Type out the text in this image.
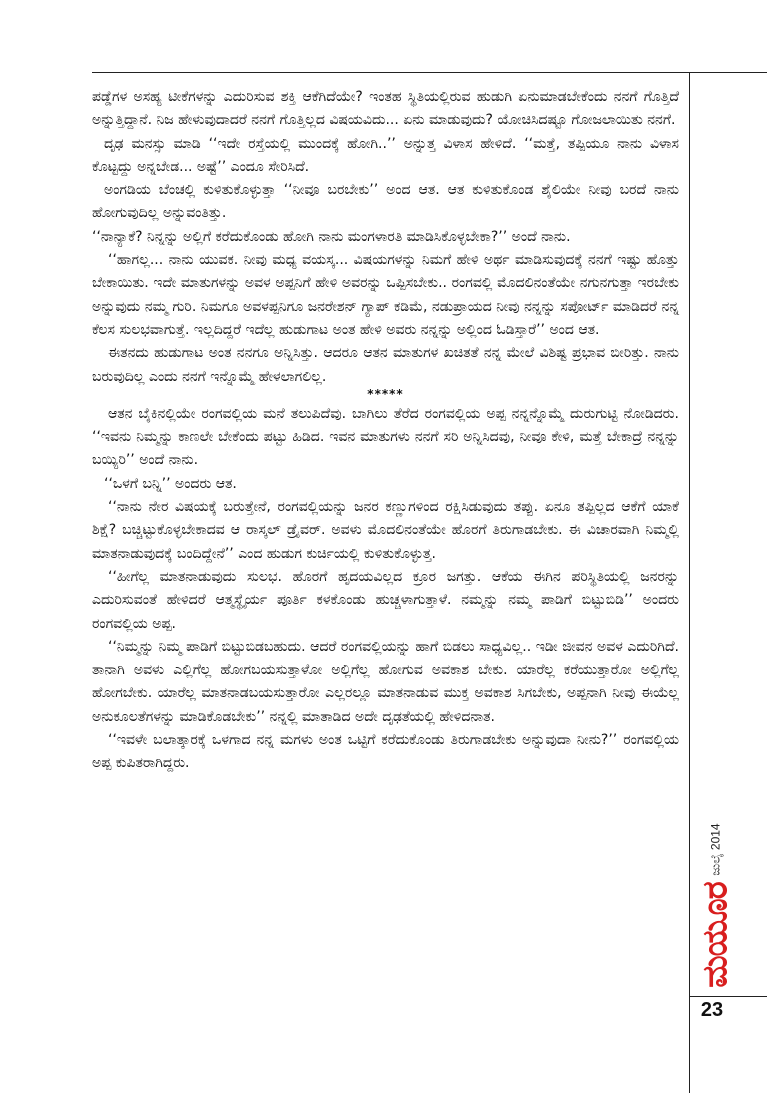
ಪಡ್ಡೆಗಳ ಅಸಹ್ಯ ಟೀಕೆಗಳನ್ನು ಎದುರಿಸುವ ಶಕ್ತಿ ಆಕೆಗಿದೆಯೇ? ಇಂತಹ ಸ್ಥಿತಿಯಲ್ಲಿರುವ ಹುಡುಗಿ ಏನುಮಾಡಬೇಕೆಂದು ನನಗೆ ಗೊತ್ತಿದೆ ಅನ್ನುತ್ತಿದ್ದಾನೆ. ನಿಜ ಹೇಳುವುದಾದರೆ ನನಗೆ ಗೊತ್ತಿಲ್ಲದ ವಿಷಯವಿದು... ಏನು ಮಾಡುವುದು? ಯೋಚಿಸಿದಷ್ಟೂ ಗೋಜಲಾಯಿತು ನನಗೆ.

ದೃಢ ಮನಸ್ಸು ಮಾಡಿ ‘‘ಇದೇ ರಸ್ತೆಯಲ್ಲಿ ಮುಂದಕ್ಕೆ ಹೋಗಿ..’’ ಅನ್ನುತ್ತ ವಿಳಾಸ ಹೇಳಿದೆ. ‘‘ಮತ್ತೆ, ತಪ್ಪಿಯೂ ನಾನು ವಿಳಾಸ ಕೊಟ್ಟದ್ದು ಅನ್ನಬೇಡ... ಅಷ್ಟೆ’’ ಎಂದೂ ಸೇರಿಸಿದೆ.

ಅಂಗಡಿಯ ಬೆಂಚಲ್ಲಿ ಕುಳಿತುಕೊಳ್ಳುತ್ತಾ ‘‘ನೀವೂ ಬರಬೇಕು’’ ಅಂದ ಆತ. ಆತ ಕುಳಿತುಕೊಂಡ ಶೈಲಿಯೇ ನೀವು ಬರದೆ ನಾನು ಹೋಗುವುದಿಲ್ಲ ಅನ್ನುವಂತಿತ್ತು.

‘‘ನಾನ್ಯಾಕೆ? ನಿನ್ನನ್ನು ಅಲ್ಲಿಗೆ ಕರೆದುಕೊಂಡು ಹೋಗಿ ನಾನು ಮಂಗಳಾರತಿ ಮಾಡಿಸಿಕೊಳ್ಳಬೇಕಾ?’’ ಅಂದೆ ನಾನು.

‘‘ಹಾಗಲ್ಲ... ನಾನು ಯುವಕ. ನೀವು ಮಧ್ಯ ವಯಸ್ಕ... ವಿಷಯಗಳನ್ನು ನಿಮಗೆ ಹೇಳಿ ಅರ್ಥ ಮಾಡಿಸುವುದಕ್ಕೆ ನನಗೆ ಇಷ್ಟು ಹೊತ್ತು ಬೇಕಾಯಿತು. ಇದೇ ಮಾತುಗಳನ್ನು ಅವಳ ಅಪ್ಪನಿಗೆ ಹೇಳಿ ಅವರನ್ನು ಒಪ್ಪಿಸಬೇಕು.. ರಂಗವಲ್ಲಿ ಮೊದಲಿನಂತೆಯೇ ನಗುನಗುತ್ತಾ ಇರಬೇಕು ಅನ್ನುವುದು ನಮ್ಮ ಗುರಿ. ನಿಮಗೂ ಅವಳಪ್ಪನಿಗೂ ಜನರೇಶನ್ ಗ್ಯಾಪ್ ಕಡಿಮೆ, ನಡುಪ್ರಾಯದ ನೀವು ನನ್ನನ್ನು ಸಪೋರ್ಟ್ ಮಾಡಿದರೆ ನನ್ನ ಕೆಲಸ ಸುಲಭವಾಗುತ್ತೆ. ಇಲ್ಲದಿದ್ದರೆ ಇದೆಲ್ಲ ಹುಡುಗಾಟ ಅಂತ ಹೇಳಿ ಅವರು ನನ್ನನ್ನು ಅಲ್ಲಿಂದ ಓಡಿಸ್ತಾರೆ’’ ಅಂದ ಆತ.

ಈತನದು ಹುಡುಗಾಟ ಅಂತ ನನಗೂ ಅನ್ನಿಸಿತ್ತು. ಆದರೂ ಆತನ ಮಾತುಗಳ ಖಚಿತತೆ ನನ್ನ ಮೇಲೆ ವಿಶಿಷ್ಟ ಪ್ರಭಾವ ಬೀರಿತ್ತು. ನಾನು ಬರುವುದಿಲ್ಲ ಎಂದು ನನಗೆ ಇನ್ನೊಮ್ಮೆ ಹೇಳಲಾಗಲಿಲ್ಲ.

*****

ಆತನ ಬೈಕಿನಲ್ಲಿಯೇ ರಂಗವಲ್ಲಿಯ ಮನೆ ತಲುಪಿದೆವು. ಬಾಗಿಲು ತೆರೆದ ರಂಗವಲ್ಲಿಯ ಅಪ್ಪ ನನ್ನನ್ನೊಮ್ಮೆ ದುರುಗುಟ್ಟಿ ನೋಡಿದರು. ‘‘ಇವನು ನಿಮ್ಮನ್ನು ಕಾಣಲೇ ಬೇಕೆಂದು ಪಟ್ಟು ಹಿಡಿದ. ಇವನ ಮಾತುಗಳು ನನಗೆ ಸರಿ ಅನ್ನಿಸಿದವು, ನೀವೂ ಕೇಳಿ, ಮತ್ತೆ ಬೇಕಾದ್ರೆ ನನ್ನನ್ನು ಬಯ್ಯಿರಿ’’ ಅಂದೆ ನಾನು.

‘‘ಒಳಗೆ ಬನ್ನಿ’’ ಅಂದರು ಆತ.

‘‘ನಾನು ನೇರ ವಿಷಯಕ್ಕೆ ಬರುತ್ತೇನೆ, ರಂಗವಲ್ಲಿಯನ್ನು ಜನರ ಕಣ್ಣುಗಳಿಂದ ರಕ್ಷಿಸಿಡುವುದು ತಪ್ಪು. ಏನೂ ತಪ್ಪಿಲ್ಲದ ಆಕೆಗೆ ಯಾಕೆ ಶಿಕ್ಷೆ? ಬಚ್ಚಿಟ್ಟುಕೊಳ್ಳಬೇಕಾದವ ಆ ರಾಸ್ಕಲ್ ಡ್ರೈವರ್. ಅವಳು ಮೊದಲಿನಂತೆಯೇ ಹೊರಗೆ ತಿರುಗಾಡಬೇಕು. ಈ ವಿಚಾರವಾಗಿ ನಿಮ್ಮಲ್ಲಿ ಮಾತನಾಡುವುದಕ್ಕೆ ಬಂದಿದ್ದೇನೆ’’ ಎಂದ ಹುಡುಗ ಕುರ್ಚಿಯಲ್ಲಿ ಕುಳಿತುಕೊಳ್ಳುತ್ತ.

‘‘ಹೀಗೆಲ್ಲ ಮಾತನಾಡುವುದು ಸುಲಭ. ಹೊರಗೆ ಹೃದಯವಿಲ್ಲದ ಕ್ರೂರ ಜಗತ್ತು. ಆಕೆಯ ಈಗಿನ ಪರಿಸ್ಥಿತಿಯಲ್ಲಿ ಜನರನ್ನು ಎದುರಿಸುವಂತೆ ಹೇಳಿದರೆ ಆತ್ಮಸ್ಥೈರ್ಯ ಪೂರ್ತಿ ಕಳಕೊಂಡು ಹುಚ್ಚಳಾಗುತ್ತಾಳೆ. ನಮ್ಮನ್ನು ನಮ್ಮ ಪಾಡಿಗೆ ಬಿಟ್ಟುಬಿಡಿ’’ ಅಂದರು ರಂಗವಲ್ಲಿಯ ಅಪ್ಪ.

‘‘ನಿಮ್ಮನ್ನು ನಿಮ್ಮ ಪಾಡಿಗೆ ಬಿಟ್ಟುಬಿಡಬಹುದು. ಆದರೆ ರಂಗವಲ್ಲಿಯನ್ನು ಹಾಗೆ ಬಿಡಲು ಸಾಧ್ಯವಿಲ್ಲ.. ಇಡೀ ಜೀವನ ಅವಳ ಎದುರಿಗಿದೆ. ತಾನಾಗಿ ಅವಳು ಎಲ್ಲಿಗೆಲ್ಲ ಹೋಗಬಯಸುತ್ತಾಳೋ ಅಲ್ಲಿಗೆಲ್ಲ ಹೋಗುವ ಅವಕಾಶ ಬೇಕು. ಯಾರೆಲ್ಲ ಕರೆಯುತ್ತಾರೋ ಅಲ್ಲಿಗೆಲ್ಲ ಹೋಗಬೇಕು. ಯಾರೆಲ್ಲ ಮಾತನಾಡಬಯಸುತ್ತಾರೋ ಎಲ್ಲರಲ್ಲೂ ಮಾತನಾಡುವ ಮುಕ್ತ ಅವಕಾಶ ಸಿಗಬೇಕು, ಅಪ್ಪನಾಗಿ ನೀವು ಈಯೆಲ್ಲ ಅನುಕೂಲತೆಗಳನ್ನು ಮಾಡಿಕೊಡಬೇಕು’’ ನನ್ನಲ್ಲಿ ಮಾತಾಡಿದ ಅದೇ ದೃಢತೆಯಲ್ಲಿ ಹೇಳಿದನಾತ.

‘‘ಇವಳೇ ಬಲಾತ್ಕಾರಕ್ಕೆ ಒಳಗಾದ ನನ್ನ ಮಗಳು ಅಂತ ಒಟ್ಟಿಗೆ ಕರೆದುಕೊಂಡು ತಿರುಗಾಡಬೇಕು ಅನ್ನುವುದಾ ನೀನು?’’ ರಂಗವಲ್ಲಿಯ ಅಪ್ಪ ಕುಪಿತರಾಗಿದ್ದರು.

ಜುಲೈ 2014
ಮಯೂರ
23
